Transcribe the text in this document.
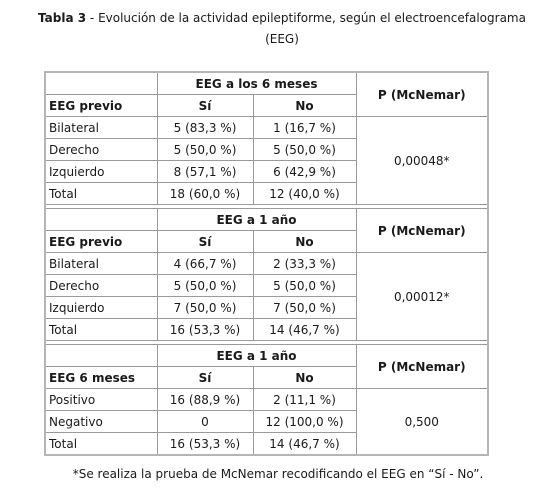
Tabla 3 - Evolución de la actividad epileptiforme, según el electroencefalograma
(EEG)
	EEG a los 6 meses		P (McNemar)
EEG previo	Sí	No	
Bilateral	5 (83,3 %)	1 (16,7 %)	0,00048*
Derecho	5 (50,0 %)	5 (50,0 %)	
Izquierdo	8 (57,1 %)	6 (42,9 %)	
Total	18 (60,0 %)	12 (40,0 %)	

	EEG a 1 año		P (McNemar)
EEG previo	Sí	No	
Bilateral	4 (66,7 %)	2 (33,3 %)	0,00012*
Derecho	5 (50,0 %)	5 (50,0 %)	
Izquierdo	7 (50,0 %)	7 (50,0 %)	
Total	16 (53,3 %)	14 (46,7 %)	

	EEG a 1 año		P (McNemar)
EEG 6 meses	Sí	No	
Positivo	16 (88,9 %)	2 (11,1 %)	0,500
Negativo	0	12 (100,0 %)	
Total	16 (53,3 %)	14 (46,7 %)	
*Se realiza la prueba de McNemar recodificando el EEG en “Sí - No”.
